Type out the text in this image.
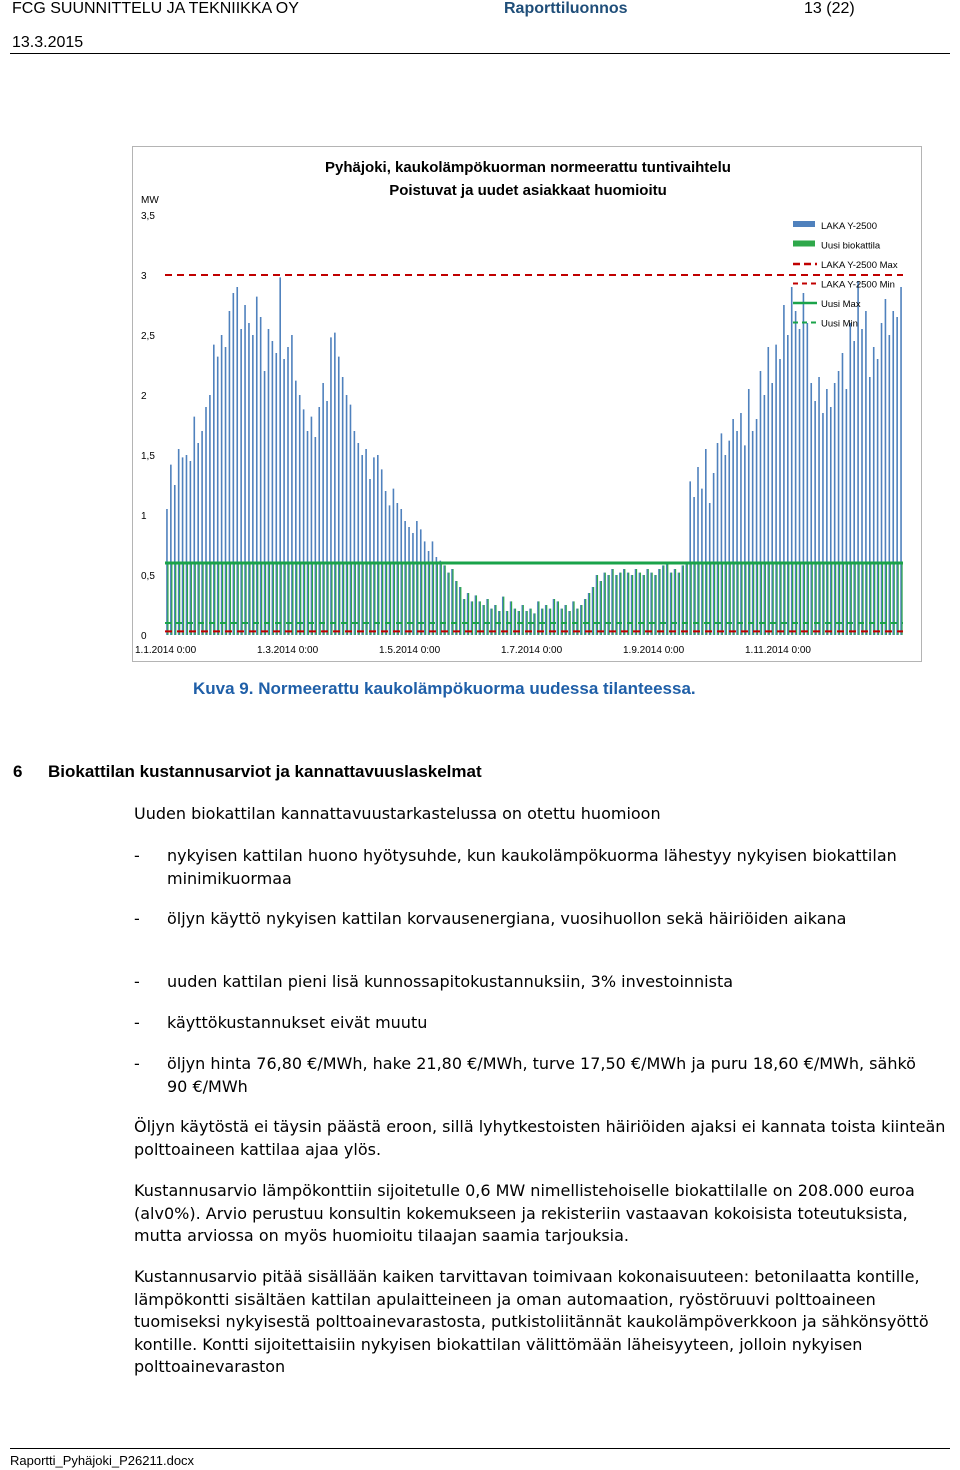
FCG SUUNNITTELU JA TEKNIIKKA OY	Raporttiluonnos	13 (22)
13.3.2015
Pyhäjoki, kaukolämpökuorman normeerattu tuntivaihtelu
Poistuvat ja uudet asiakkaat huomioitu
MW
0
0,5
1
1,5
2
2,5
3
3,5
1.1.2014 0:00	1.3.2014 0:00	1.5.2014 0:00	1.7.2014 0:00	1.9.2014 0:00	1.11.2014 0:00
LAKA Y-2500
Uusi biokattila
LAKA Y-2500 Max
LAKA Y-2500 Min
Uusi Max
Uusi Min
Kuva 9. Normeerattu kaukolämpökuorma uudessa tilanteessa.
6 Biokattilan kustannusarviot ja kannattavuuslaskelmat

Uuden biokattilan kannattavuustarkastelussa on otettu huomioon

- nykyisen kattilan huono hyötysuhde, kun kaukolämpökuorma lähestyy nykyisen biokattilan minimikuormaa
- öljyn käyttö nykyisen kattilan korvausenergiana, vuosihuollon sekä häiriöiden aikana
- uuden kattilan pieni lisä kunnossapitokustannuksiin, 3% investoinnista
- käyttökustannukset eivät muutu
- öljyn hinta 76,80 €/MWh, hake 21,80 €/MWh, turve 17,50 €/MWh ja puru 18,60 €/MWh, sähkö 90 €/MWh

Öljyn käytöstä ei täysin päästä eroon, sillä lyhytkestoisten häiriöiden ajaksi ei kannata toista kiinteän polttoaineen kattilaa ajaa ylös.

Kustannusarvio lämpökonttiin sijoitetulle 0,6 MW nimellistehoiselle biokattilalle on 208.000 euroa (alv0%). Arvio perustuu konsultin kokemukseen ja rekisteriin vastaavan kokoisista toteutuksista, mutta arviossa on myös huomioitu tilaajan saamia tarjouksia.

Kustannusarvio pitää sisällään kaiken tarvittavan toimivaan kokonaisuuteen: betonilaatta kontille, lämpökontti sisältäen kattilan apulaitteineen ja oman automaation, ryöstöruuvi polttoaineen tuomiseksi nykyisestä polttoainevarastosta, putkistoliitännät kaukolämpöverkkoon ja sähkönsyöttö kontille. Kontti sijoitettaisiin nykyisen biokattilan välittömään läheisyyteen, jolloin nykyisen polttoainevaraston

Raportti_Pyhäjoki_P26211.docx
